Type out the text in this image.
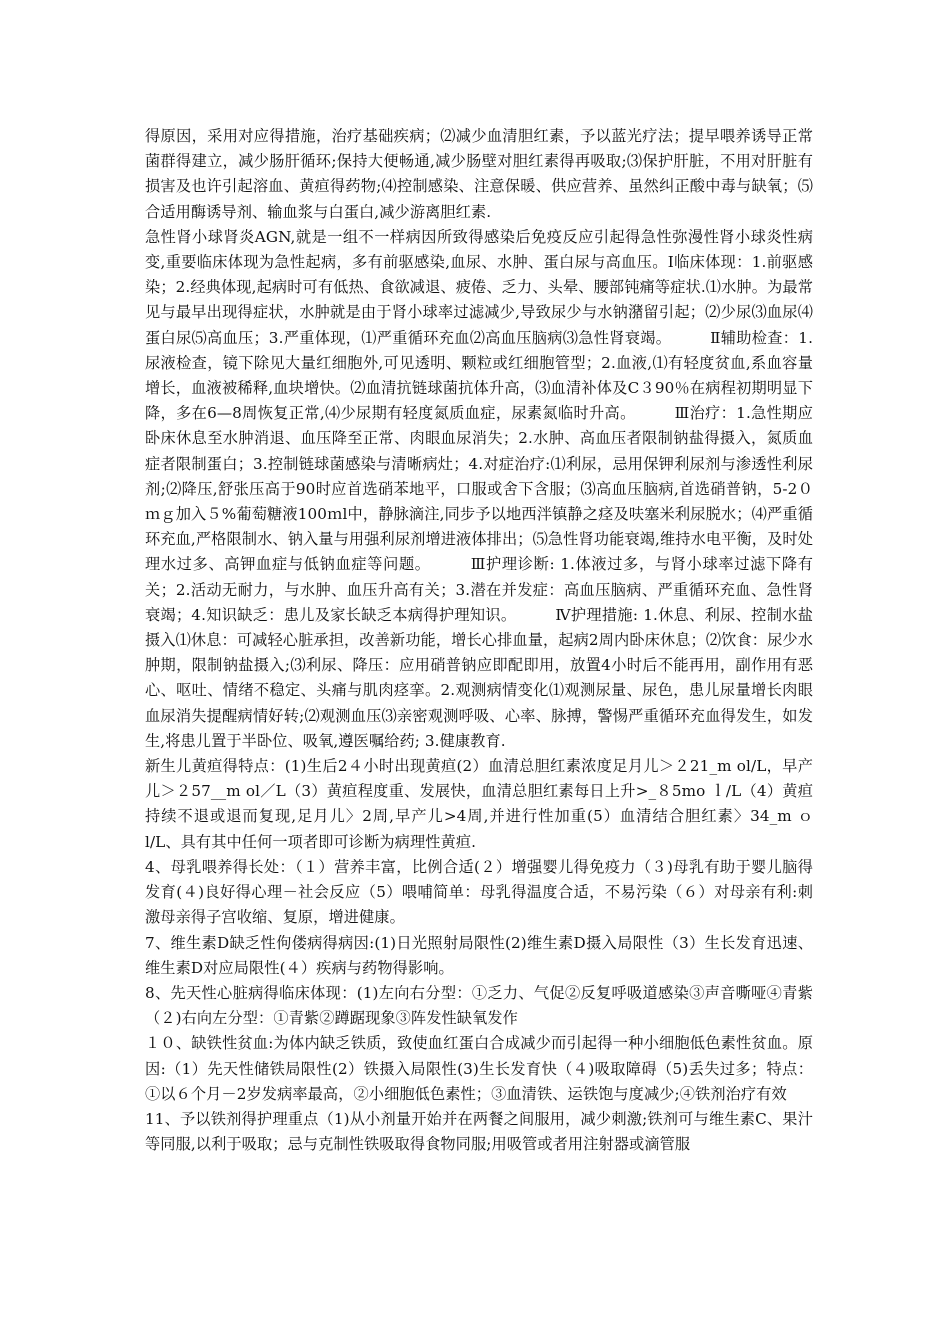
得原因，采用对应得措施，治疗基础疾病；⑵减少血清胆红素，予以蓝光疗法；提早喂养诱导正常菌群得建立，减少肠肝循环;保持大便畅通,减少肠壁对胆红素得再吸取;⑶保护肝脏，不用对肝脏有损害及也许引起溶血、黄疸得药物;⑷控制感染、注意保暖、供应营养、虽然纠正酸中毒与缺氧；⑸合适用酶诱导剂、输血浆与白蛋白,减少游离胆红素.

急性肾小球肾炎AGN,就是一组不一样病因所致得感染后免疫反应引起得急性弥漫性肾小球炎性病变,重要临床体现为急性起病，多有前驱感染,血尿、水肿、蛋白尿与高血压。Ⅰ临床体现：1.前驱感染；2.经典体现,起病时可有低热、食欲减退、疲倦、乏力、头晕、腰部钝痛等症状.⑴水肿。为最常见与最早出现得症状，水肿就是由于肾小球率过滤减少,导致尿少与水钠潴留引起；⑵少尿⑶血尿⑷蛋白尿⑸高血压；3.严重体现，⑴严重循环充血⑵高血压脑病⑶急性肾衰竭。　　　Ⅱ辅助检查：1.尿液检查，镜下除见大量红细胞外,可见透明、颗粒或红细胞管型；2.血液,⑴有轻度贫血,系血容量增长，血液被稀释,血块增快。⑵血清抗链球菌抗体升高，⑶血清补体及C３90％在病程初期明显下降，多在6—8周恢复正常,⑷少尿期有轻度氮质血症，尿素氮临时升高。　　　Ⅲ治疗：1.急性期应卧床休息至水肿消退、血压降至正常、肉眼血尿消失；2.水肿、高血压者限制钠盐得摄入，氮质血症者限制蛋白；3.控制链球菌感染与清晰病灶；4.对症治疗:⑴利尿，忌用保钾利尿剂与渗透性利尿剂;⑵降压,舒张压高于90时应首选硝苯地平，口服或舍下含服；⑶高血压脑病,首选硝普钠，5-2０ｍｇ加入５%葡萄糖液100ｍl中，静脉滴注,同步予以地西泮镇静之痉及呋塞米利尿脱水；⑷严重循环充血,严格限制水、钠入量与用强利尿剂增进液体排出；⑸急性肾功能衰竭,维持水电平衡，及时处理水过多、高钾血症与低钠血症等问题。　　　Ⅲ护理诊断: 1.体液过多，与肾小球率过滤下降有关；2.活动无耐力，与水肿、血压升高有关；3.潜在并发症：高血压脑病、严重循环充血、急性肾衰竭；4.知识缺乏：患儿及家长缺乏本病得护理知识。　　　Ⅳ护理措施: 1.休息、利尿、控制水盐摄入⑴休息：可减轻心脏承担，改善新功能，增长心排血量，起病2周内卧床休息；⑵饮食：尿少水肿期，限制钠盐摄入;⑶利尿、降压：应用硝普钠应即配即用，放置4小时后不能再用，副作用有恶心、呕吐、情绪不稳定、头痛与肌肉痉挛。2.观测病情变化⑴观测尿量、尿色，患儿尿量增长肉眼血尿消失提醒病情好转;⑵观测血压⑶亲密观测呼吸、心率、脉搏，警惕严重循环充血得发生，如发生,将患儿置于半卧位、吸氧,遵医嘱给药; 3.健康教育.

新生儿黄疸得特点：(1)生后2４小时出现黄疸(2）血清总胆红素浓度足月儿＞２21_m ol/L，早产儿＞２57__m ol／L（3）黄疸程度重、发展快，血清总胆红素每日上升>_８5mo ｌ/L（4）黄疸持续不退或退而复现,足月儿〉2周,早产儿>4周,并进行性加重(5）血清结合胆红素〉34_m ｏ l/L、具有其中任何一项者即可诊断为病理性黄疸.

4、母乳喂养得长处：（１）营养丰富，比例合适(２）增强婴儿得免疫力（３)母乳有助于婴儿脑得发育(４)良好得心理－社会反应（5）喂哺简单：母乳得温度合适，不易污染（６）对母亲有利:刺激母亲得子宫收缩、复原，增进健康。

7、维生素D缺乏性佝偻病得病因:(1)日光照射局限性(2)维生素D摄入局限性（3）生长发育迅速、维生素D对应局限性(４）疾病与药物得影响。

8、先天性心脏病得临床体现：(1)左向右分型：①乏力、气促②反复呼吸道感染③声音嘶哑④青紫（２)右向左分型：①青紫②蹲踞现象③阵发性缺氧发作

１０、缺铁性贫血:为体内缺乏铁质，致使血红蛋白合成减少而引起得一种小细胞低色素性贫血。原因:（1）先天性储铁局限性(2）铁摄入局限性(3)生长发育快（４)吸取障碍（5)丢失过多；特点：①以６个月－2岁发病率最高，②小细胞低色素性；③血清铁、运铁饱与度减少;④铁剂治疗有效

11、予以铁剂得护理重点（1)从小剂量开始并在两餐之间服用，减少刺激;铁剂可与维生素C、果汁等同服,以利于吸取；忌与克制性铁吸取得食物同服;用吸管或者用注射器或滴管服
